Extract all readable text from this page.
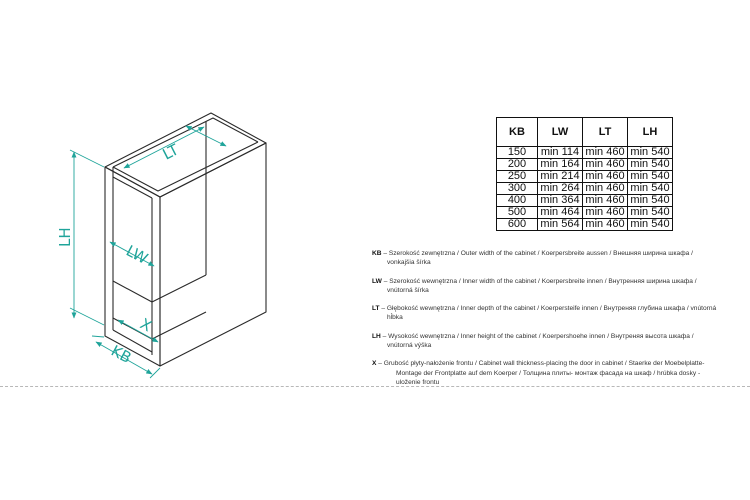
LH
LT
LW
X
KB
KB	LW	LT	LH
150	min 114	min 460	min 540
200	min 164	min 460	min 540
250	min 214	min 460	min 540
300	min 264	min 460	min 540
400	min 364	min 460	min 540
500	min 464	min 460	min 540
600	min 564	min 460	min 540
KB – Szerokość zewnętrzna / Outer width of the cabinet / Koerpersbreite aussen / Внешняя ширина шкафа / vonkajšia šírka
LW – Szerokość wewnętrzna / Inner width of the cabinet / Koerpersbreite innen / Внутренняя ширина шкафа / vnútorná šírka
LT – Głębokość wewnętrzna / Inner depth of the cabinet / Koerpersteife innen / Внутреняя глубина шкафа / vnútorná hĺbka
LH – Wysokość wewnętrzna / Inner height of the cabinet / Koerpershoehe innen / Внутреняя высота шкафа / vnútorná výška
X – Grubość płyty-nałożenie frontu / Cabinet wall thickness-placing the door in cabinet / Staerke der Moebelplatte- Montage der Frontplatte auf dem Koerper / Толщина плиты- монтаж фасада на шкаф / hrúbka dosky - uloženie frontu
